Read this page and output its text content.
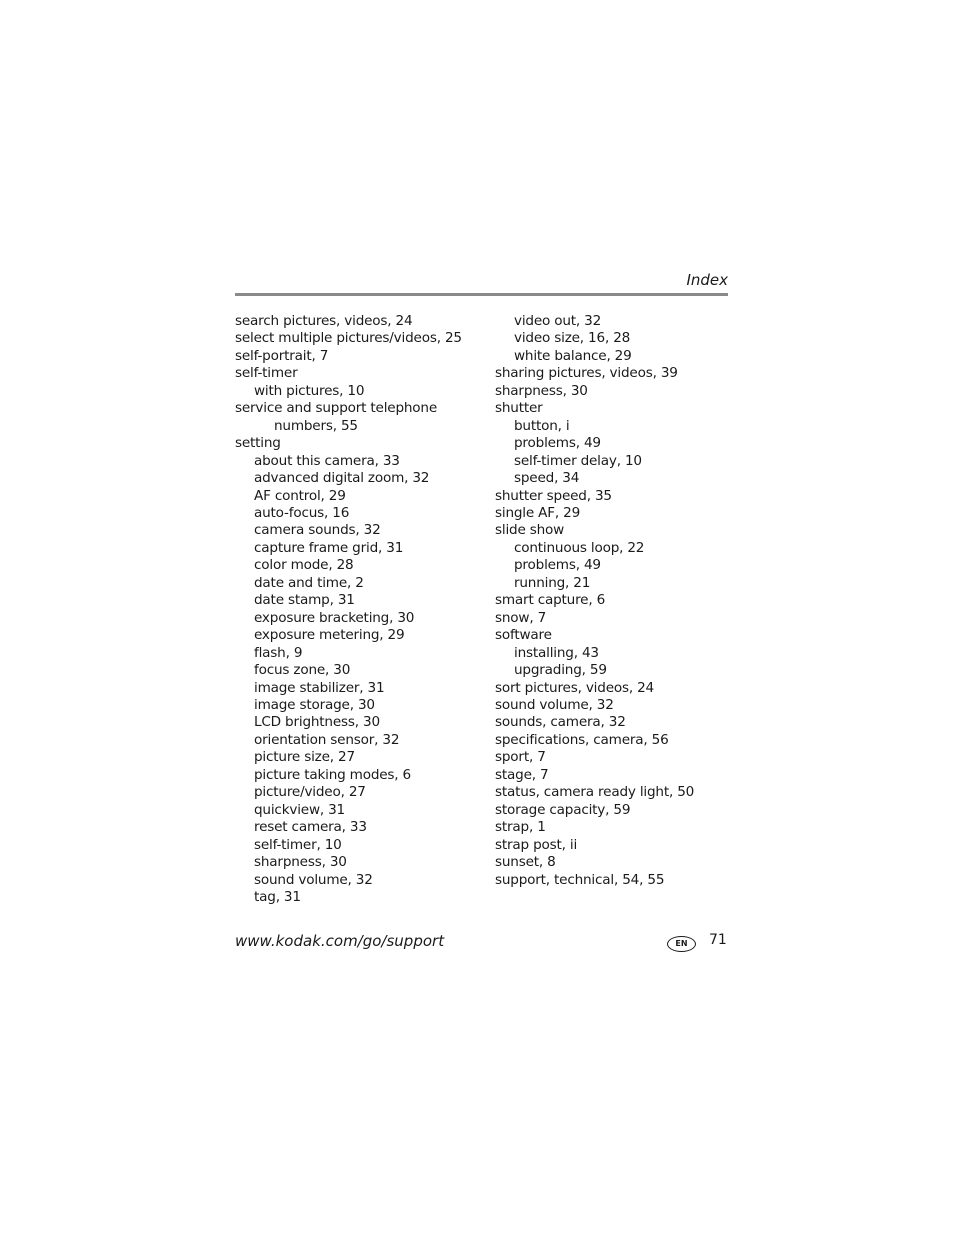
Index
search pictures, videos, 24
select multiple pictures/videos, 25
self-portrait, 7
self-timer
with pictures, 10
service and support telephone
numbers, 55
setting
about this camera, 33
advanced digital zoom, 32
AF control, 29
auto-focus, 16
camera sounds, 32
capture frame grid, 31
color mode, 28
date and time, 2
date stamp, 31
exposure bracketing, 30
exposure metering, 29
flash, 9
focus zone, 30
image stabilizer, 31
image storage, 30
LCD brightness, 30
orientation sensor, 32
picture size, 27
picture taking modes, 6
picture/video, 27
quickview, 31
reset camera, 33
self-timer, 10
sharpness, 30
sound volume, 32
tag, 31
video out, 32
video size, 16, 28
white balance, 29
sharing pictures, videos, 39
sharpness, 30
shutter
button, i
problems, 49
self-timer delay, 10
speed, 34
shutter speed, 35
single AF, 29
slide show
continuous loop, 22
problems, 49
running, 21
smart capture, 6
snow, 7
software
installing, 43
upgrading, 59
sort pictures, videos, 24
sound volume, 32
sounds, camera, 32
specifications, camera, 56
sport, 7
stage, 7
status, camera ready light, 50
storage capacity, 59
strap, 1
strap post, ii
sunset, 8
support, technical, 54, 55
www.kodak.com/go/support	EN	71
